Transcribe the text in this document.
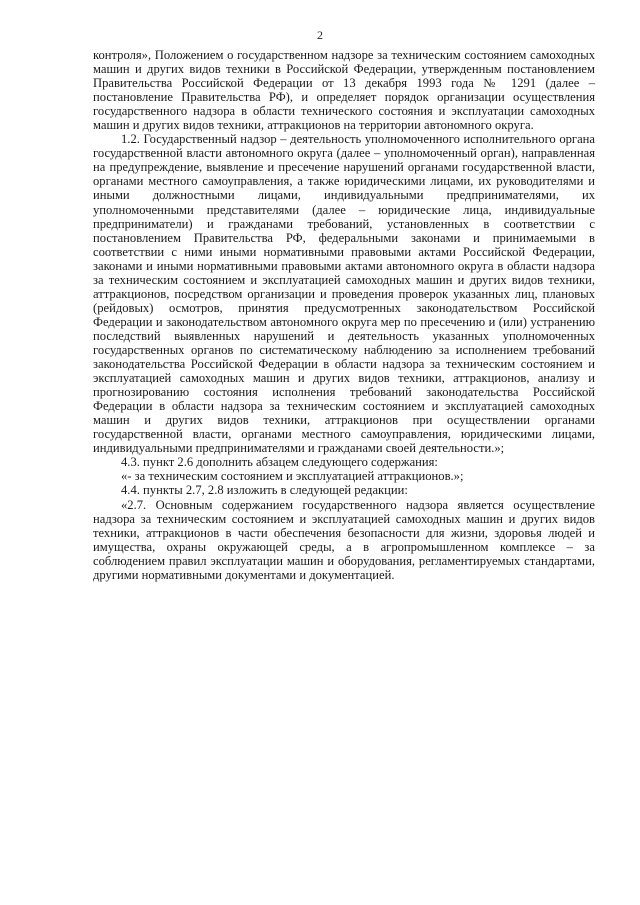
2

контроля», Положением о государственном надзоре за техническим состоянием самоходных машин и других видов техники в Российской Федерации, утвержденным постановлением Правительства Российской Федерации от 13 декабря 1993 года № 1291 (далее – постановление Правительства РФ), и определяет порядок организации осуществления государственного надзора в области технического состояния и эксплуатации самоходных машин и других видов техники, аттракционов на территории автономного округа.

1.2. Государственный надзор – деятельность уполномоченного исполнительного органа государственной власти автономного округа (далее – уполномоченный орган), направленная на предупреждение, выявление и пресечение нарушений органами государственной власти, органами местного самоуправления, а также юридическими лицами, их руководителями и иными должностными лицами, индивидуальными предпринимателями, их уполномоченными представителями (далее – юридические лица, индивидуальные предприниматели) и гражданами требований, установленных в соответствии с постановлением Правительства РФ, федеральными законами и принимаемыми в соответствии с ними иными нормативными правовыми актами Российской Федерации, законами и иными нормативными правовыми актами автономного округа в области надзора за техническим состоянием и эксплуатацией самоходных машин и других видов техники, аттракционов, посредством организации и проведения проверок указанных лиц, плановых (рейдовых) осмотров, принятия предусмотренных законодательством Российской Федерации и законодательством автономного округа мер по пресечению и (или) устранению последствий выявленных нарушений и деятельность указанных уполномоченных государственных органов по систематическому наблюдению за исполнением требований законодательства Российской Федерации в области надзора за техническим состоянием и эксплуатацией самоходных машин и других видов техники, аттракционов, анализу и прогнозированию состояния исполнения требований законодательства Российской Федерации в области надзора за техническим состоянием и эксплуатацией самоходных машин и других видов техники, аттракционов при осуществлении органами государственной власти, органами местного самоуправления, юридическими лицами, индивидуальными предпринимателями и гражданами своей деятельности.»;

4.3. пункт 2.6 дополнить абзацем следующего содержания:

«- за техническим состоянием и эксплуатацией аттракционов.»;

4.4. пункты 2.7, 2.8 изложить в следующей редакции:

«2.7. Основным содержанием государственного надзора является осуществление надзора за техническим состоянием и эксплуатацией самоходных машин и других видов техники, аттракционов в части обеспечения безопасности для жизни, здоровья людей и имущества, охраны окружающей среды, а в агропромышленном комплексе – за соблюдением правил эксплуатации машин и оборудования, регламентируемых стандартами, другими нормативными документами и документацией.
